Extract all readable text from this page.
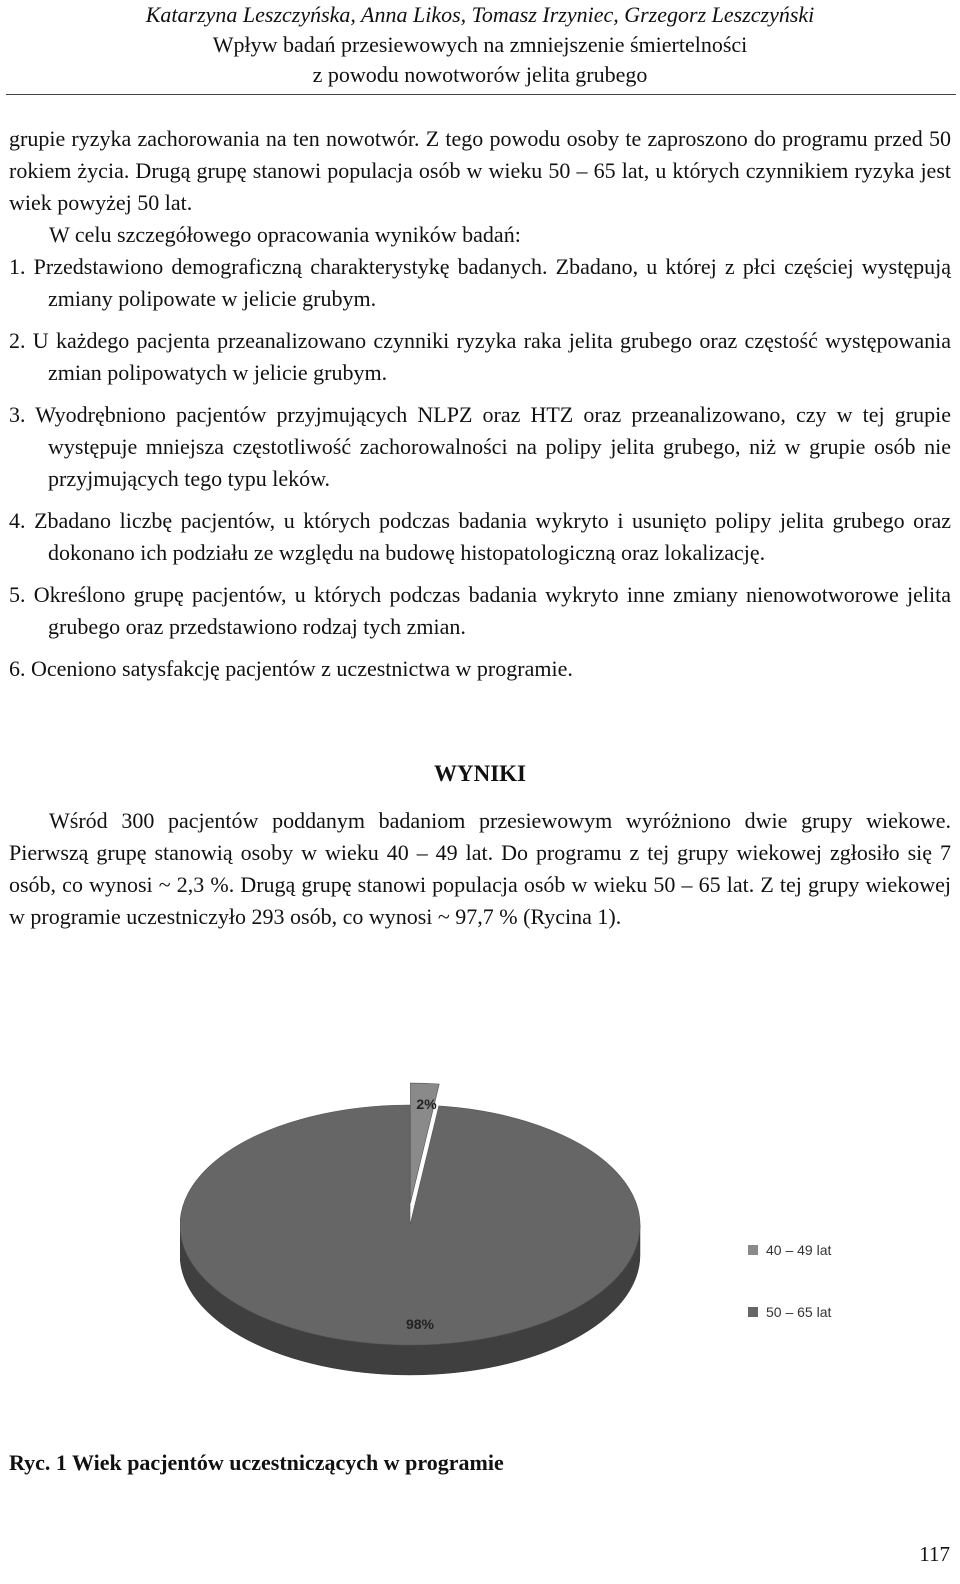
Katarzyna Leszczyńska, Anna Likos, Tomasz Irzyniec, Grzegorz Leszczyński
Wpływ badań przesiewowych na zmniejszenie śmiertelności
z powodu nowotworów jelita grubego

grupie ryzyka zachorowania na ten nowotwór. Z tego powodu osoby te zaproszono do programu przed 50 rokiem życia. Drugą grupę stanowi populacja osób w wieku 50 – 65 lat, u których czynnikiem ryzyka jest wiek powyżej 50 lat.

W celu szczegółowego opracowania wyników badań:

1. Przedstawiono demograficzną charakterystykę badanych. Zbadano, u której z płci częściej występują zmiany polipowate w jelicie grubym.

2. U każdego pacjenta przeanalizowano czynniki ryzyka raka jelita grubego oraz częstość występowania zmian polipowatych w jelicie grubym.

3. Wyodrębniono pacjentów przyjmujących NLPZ oraz HTZ oraz przeanalizowano, czy w tej grupie występuje mniejsza częstotliwość zachorowalności na polipy jelita grubego, niż w grupie osób nie przyjmujących tego typu leków.

4. Zbadano liczbę pacjentów, u których podczas badania wykryto i usunięto polipy jelita grubego oraz dokonano ich podziału ze względu na budowę histopatologiczną oraz lokalizację.

5. Określono grupę pacjentów, u których podczas badania wykryto inne zmiany nienowotworowe jelita grubego oraz przedstawiono rodzaj tych zmian.

6. Oceniono satysfakcję pacjentów z uczestnictwa w programie.

WYNIKI
Wśród 300 pacjentów poddanym badaniom przesiewowym wyróżniono dwie grupy wiekowe. Pierwszą grupę stanowią osoby w wieku 40 – 49 lat. Do programu z tej grupy wiekowej zgłosiło się 7 osób, co wynosi ~ 2,3 %. Drugą grupę stanowi populacja osób w wieku 50 – 65 lat. Z tej grupy wiekowej w programie uczestniczyło 293 osób, co wynosi ~ 97,7 % (Rycina 1).
98%
2%
40 – 49 lat
50 – 65 lat
Ryc. 1 Wiek pacjentów uczestniczących w programie
117
